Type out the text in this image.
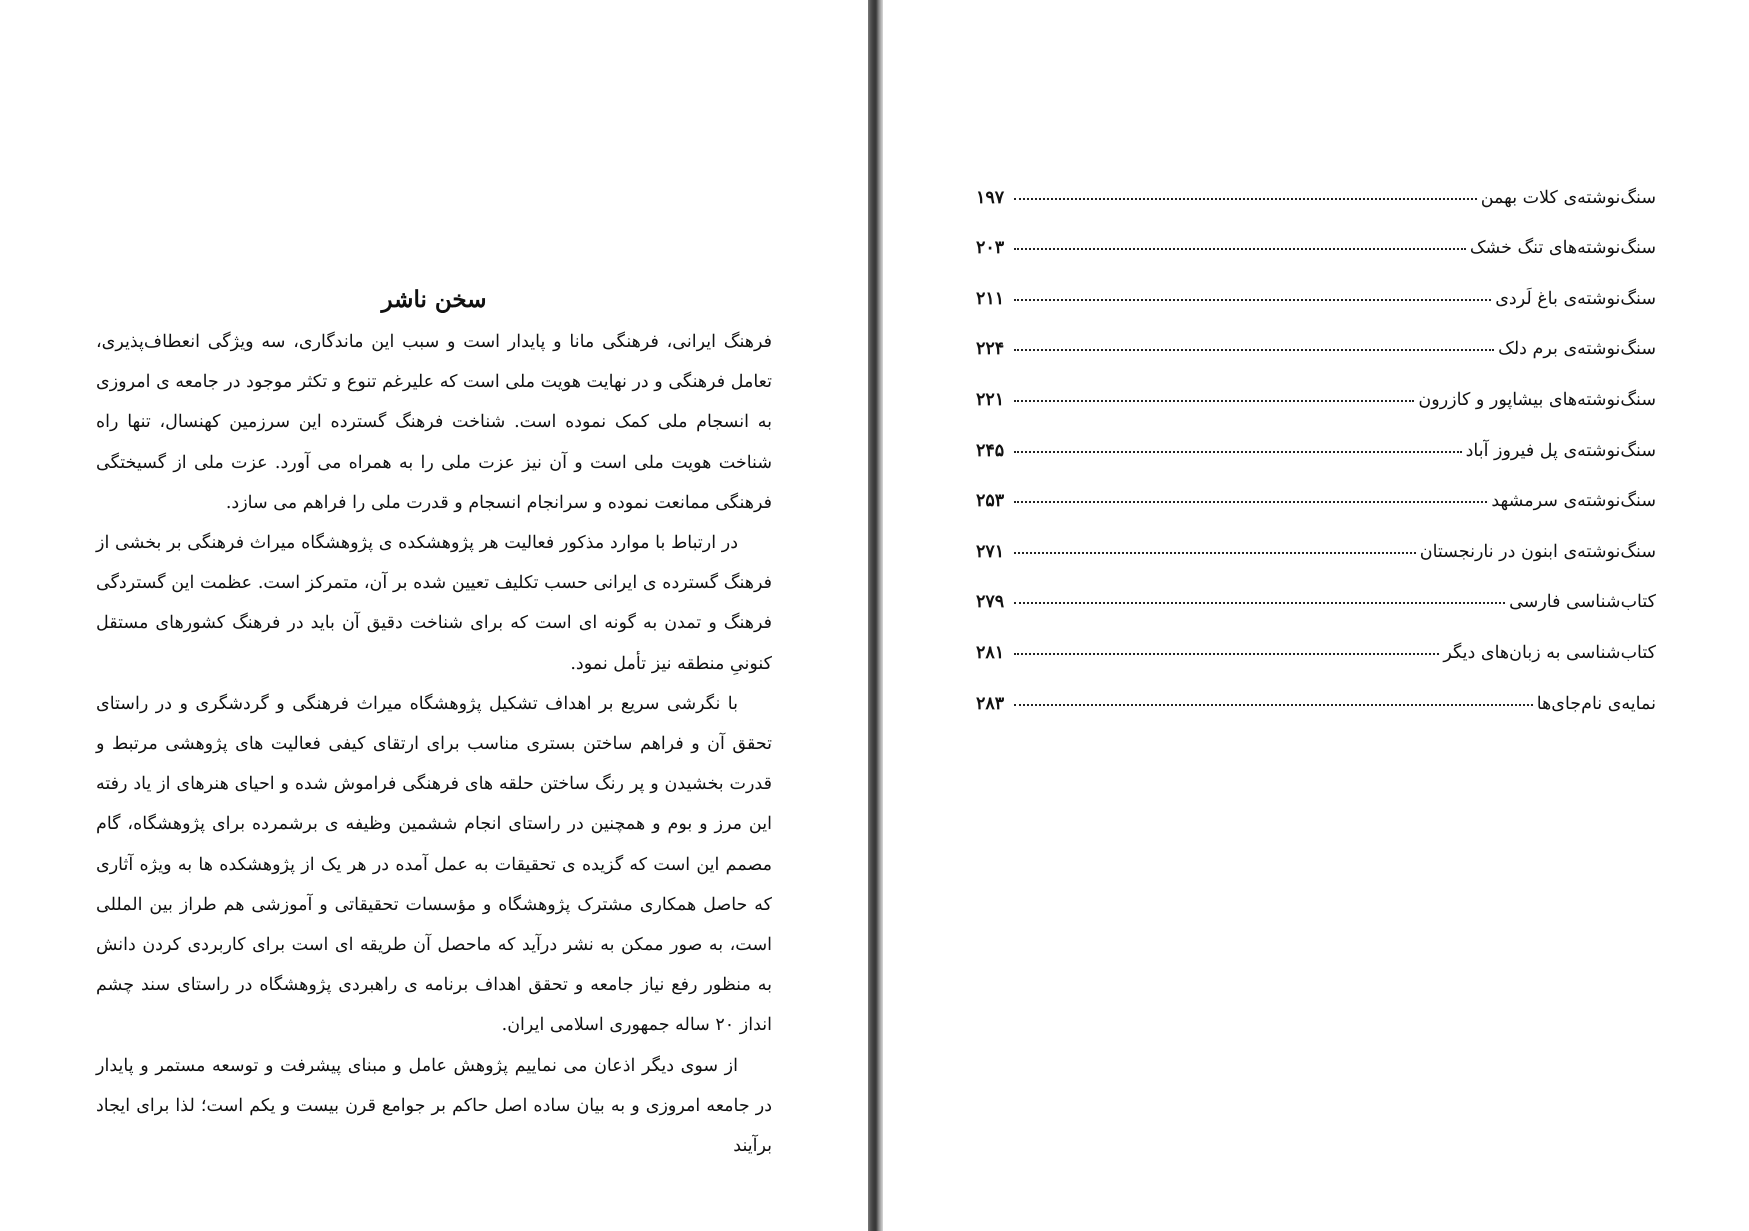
سخن ناشر

فرهنگ ایرانی، فرهنگی مانا و پایدار است و سبب این ماندگاری، سه ویژگی انعطاف‌پذیری، تعامل فرهنگی و در نهایت هویت ملی است که علیرغم تنوع و تکثر موجود در جامعه ی امروزی به انسجام ملی کمک نموده است. شناخت فرهنگ گسترده این سرزمین کهنسال، تنها راه شناخت هویت ملی است و آن نیز عزت ملی را به همراه می آورد. عزت ملی از گسیختگی فرهنگی ممانعت نموده و سرانجام انسجام و قدرت ملی را فراهم می سازد.

در ارتباط با موارد مذکور فعالیت هر پژوهشکده ی پژوهشگاه میراث فرهنگی بر بخشی از فرهنگ گسترده ی ایرانی حسب تکلیف تعیین شده بر آن، متمرکز است. عظمت این گستردگی فرهنگ و تمدن به گونه ای است که برای شناخت دقیق آن باید در فرهنگ کشورهای مستقل کنونیِ منطقه نیز تأمل نمود.

با نگرشی سریع بر اهداف تشکیل پژوهشگاه میراث فرهنگی و گردشگری و در راستای تحقق آن و فراهم ساختن بستری مناسب برای ارتقای کیفی فعالیت های پژوهشی مرتبط و قدرت بخشیدن و پر رنگ ساختن حلقه های فرهنگی فراموش شده و احیای هنرهای از یاد رفته این مرز و بوم و همچنین در راستای انجام ششمین وظیفه ی برشمرده برای پژوهشگاه، گام مصمم این است که گزیده ی تحقیقات به عمل آمده در هر یک از پژوهشکده ها به ویژه آثاری که حاصل همکاری مشترک پژوهشگاه و مؤسسات تحقیقاتی و آموزشی هم طراز بین المللی است، به صور ممکن به نشر درآید که ماحصل آن طریقه ای است برای کاربردی کردن دانش به منظور رفع نیاز جامعه و تحقق اهداف برنامه ی راهبردی پژوهشگاه در راستای سند چشم انداز ۲۰ ساله جمهوری اسلامی ایران.

از سوی دیگر اذعان می نماییم پژوهش عامل و مبنای پیشرفت و توسعه مستمر و پایدار در جامعه امروزی و به بیان ساده اصل حاکم بر جوامع قرن بیست و یکم است؛ لذا برای ایجاد برآیند

سنگ‌نوشته‌ی کلات بهمن
۱۹۷
سنگ‌نوشته‌های تنگ خشک
۲۰۳
سنگ‌نوشته‌ی باغ لَردی
۲۱۱
سنگ‌نوشته‌ی برم دلک
۲۲۴
سنگ‌نوشته‌های بیشاپور و کازرون
۲۲۱
سنگ‌نوشته‌ی پل فیروز آباد
۲۴۵
سنگ‌نوشته‌ی سرمشهد
۲۵۳
سنگ‌نوشته‌ی ابنون در نارنجستان
۲۷۱
کتاب‌شناسی فارسی
۲۷۹
کتاب‌شناسی به زبان‌های دیگر
۲۸۱
نمایه‌ی نام‌جای‌ها
۲۸۳
